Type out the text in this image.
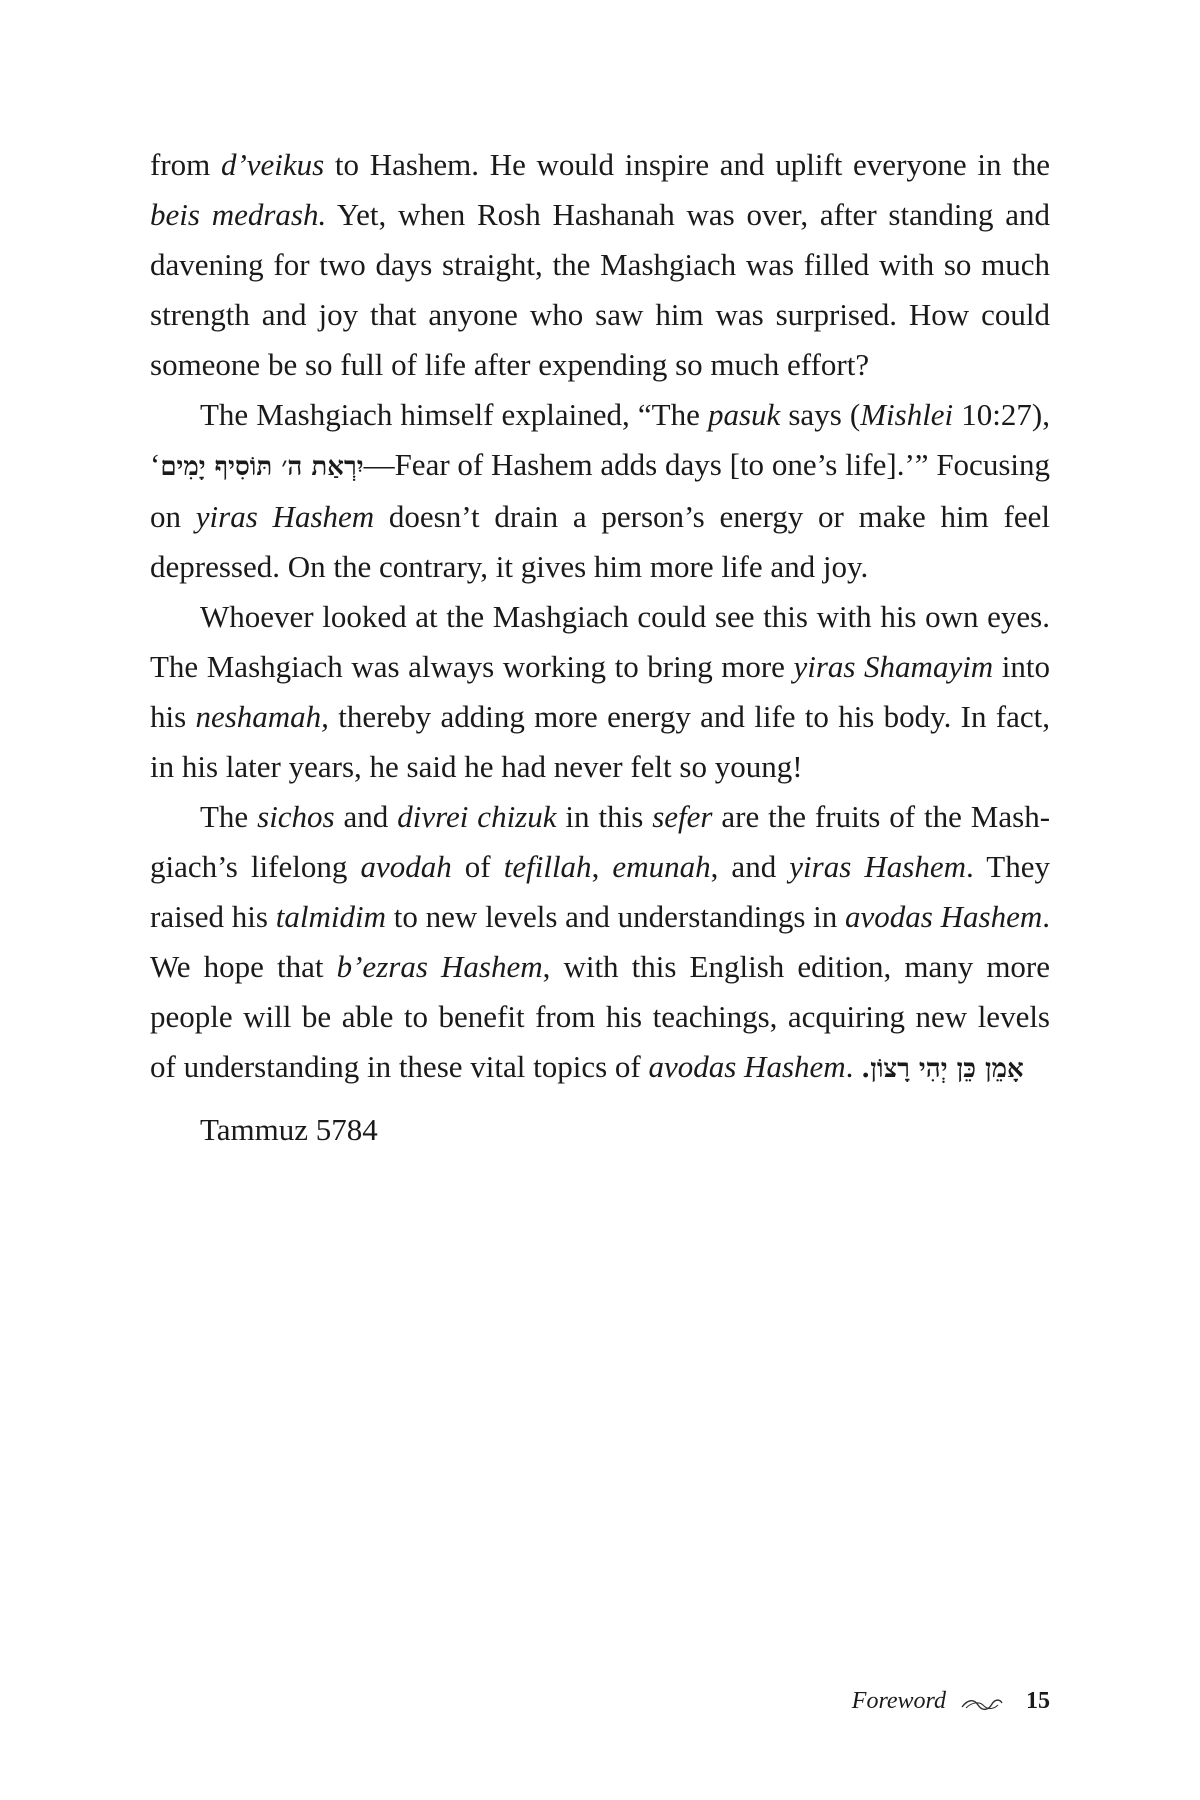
from d’veikus to Hashem. He would inspire and uplift everyone in the beis medrash. Yet, when Rosh Hashanah was over, after standing and davening for two days straight, the Mashgiach was filled with so much strength and joy that anyone who saw him was surprised. How could someone be so full of life after expending so much effort?

The Mashgiach himself explained, “The pasuk says (Mishlei 10:27), ‘יִרְאַת ה׳ תּוֹסִיף יָמִים—Fear of Hashem adds days [to one’s life].’” Focusing on yiras Hashem doesn’t drain a person’s energy or make him feel depressed. On the contrary, it gives him more life and joy.

Whoever looked at the Mashgiach could see this with his own eyes. The Mashgiach was always working to bring more yiras Shamayim into his neshamah, thereby adding more energy and life to his body. In fact, in his later years, he said he had never felt so young!

The sichos and divrei chizuk in this sefer are the fruits of the Mashgiach’s lifelong avodah of tefillah, emunah, and yiras Hashem. They raised his talmidim to new levels and understandings in avodas Hashem. We hope that b’ezras Hashem, with this English edition, many more people will be able to benefit from his teachings, acquiring new levels of understanding in these vital topics of avodas Hashem. אָמֵן כֵּן יְהִי רָצוֹן.

Tammuz 5784
Foreword	15
